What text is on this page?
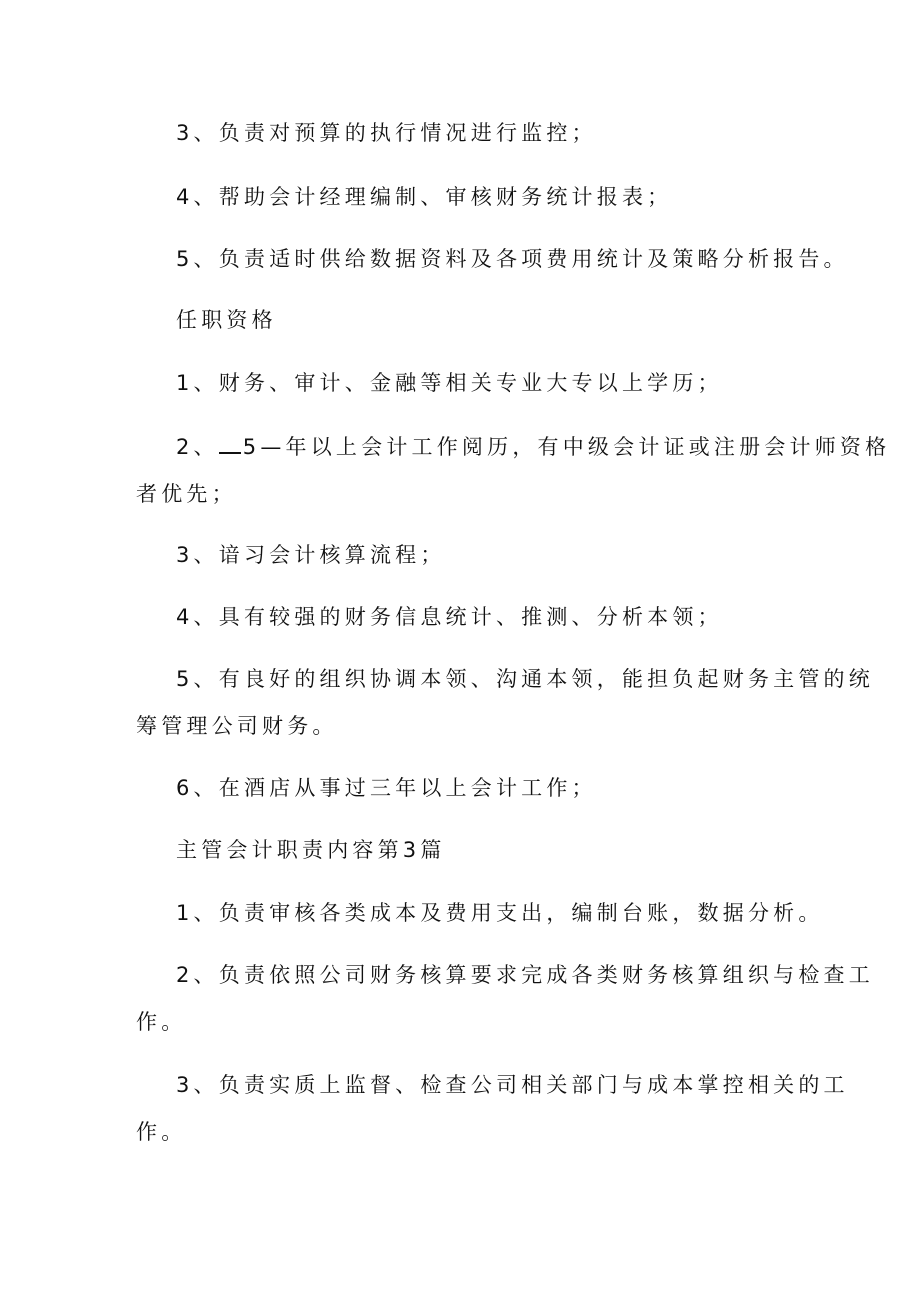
3、负责对预算的执行情况进行监控；
4、帮助会计经理编制、审核财务统计报表；
5、负责适时供给数据资料及各项费用统计及策略分析报告。
任职资格
1、财务、审计、金融等相关专业大专以上学历；
2、 5—年以上会计工作阅历，有中级会计证或注册会计师资格
者优先；
3、谙习会计核算流程；
4、具有较强的财务信息统计、推测、分析本领；
5、有良好的组织协调本领、沟通本领，能担负起财务主管的统
筹管理公司财务。
6、在酒店从事过三年以上会计工作；
主管会计职责内容第3篇
1、负责审核各类成本及费用支出，编制台账，数据分析。
2、负责依照公司财务核算要求完成各类财务核算组织与检查工
作。
3、负责实质上监督、检查公司相关部门与成本掌控相关的工
作。
